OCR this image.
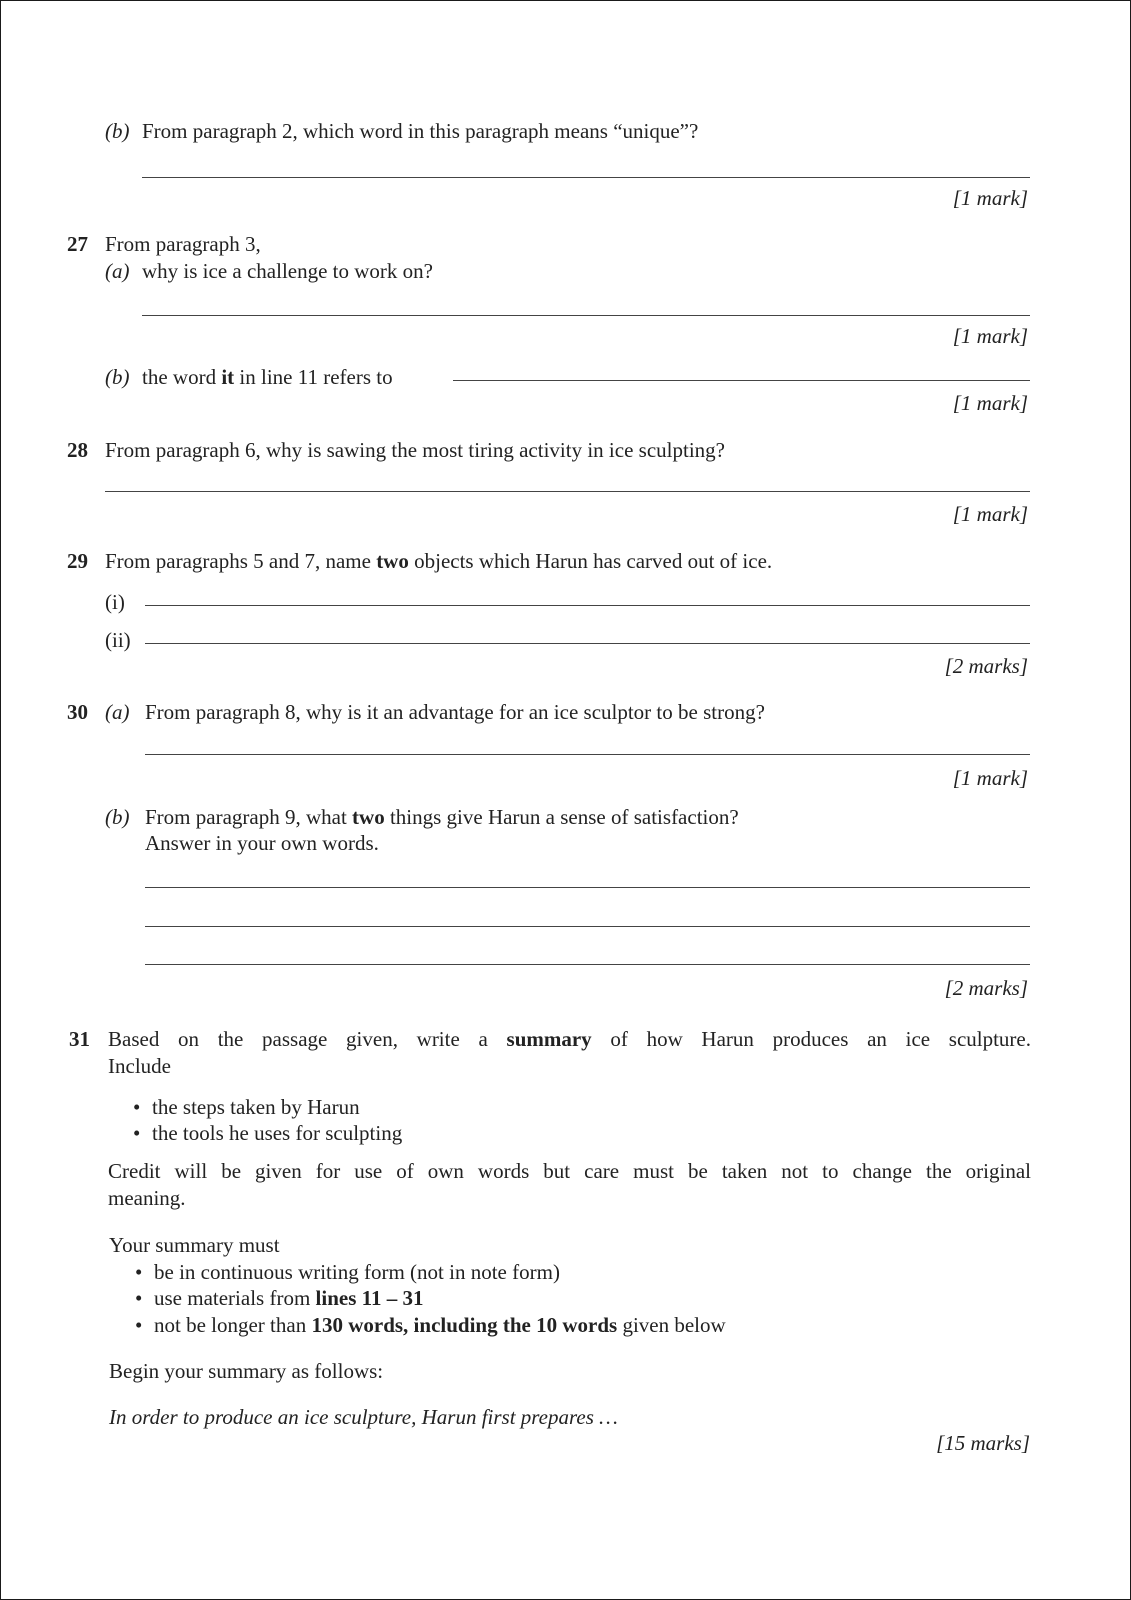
(b) From paragraph 2, which word in this paragraph means “unique”?
[1 mark]
27 From paragraph 3,
(a) why is ice a challenge to work on?
[1 mark]
(b) the word it in line 11 refers to
[1 mark]
28 From paragraph 6, why is sawing the most tiring activity in ice sculpting?
[1 mark]
29 From paragraphs 5 and 7, name two objects which Harun has carved out of ice.
(i)
(ii)
[2 marks]
30 (a) From paragraph 8, why is it an advantage for an ice sculptor to be strong?
[1 mark]
(b) From paragraph 9, what two things give Harun a sense of satisfaction?
Answer in your own words.
[2 marks]
31 Based on the passage given, write a summary of how Harun produces an ice sculpture.
Include
• the steps taken by Harun
• the tools he uses for sculpting
Credit will be given for use of own words but care must be taken not to change the original
meaning.
Your summary must
• be in continuous writing form (not in note form)
• use materials from lines 11 – 31
• not be longer than 130 words, including the 10 words given below
Begin your summary as follows:
In order to produce an ice sculpture, Harun first prepares …
[15 marks]
